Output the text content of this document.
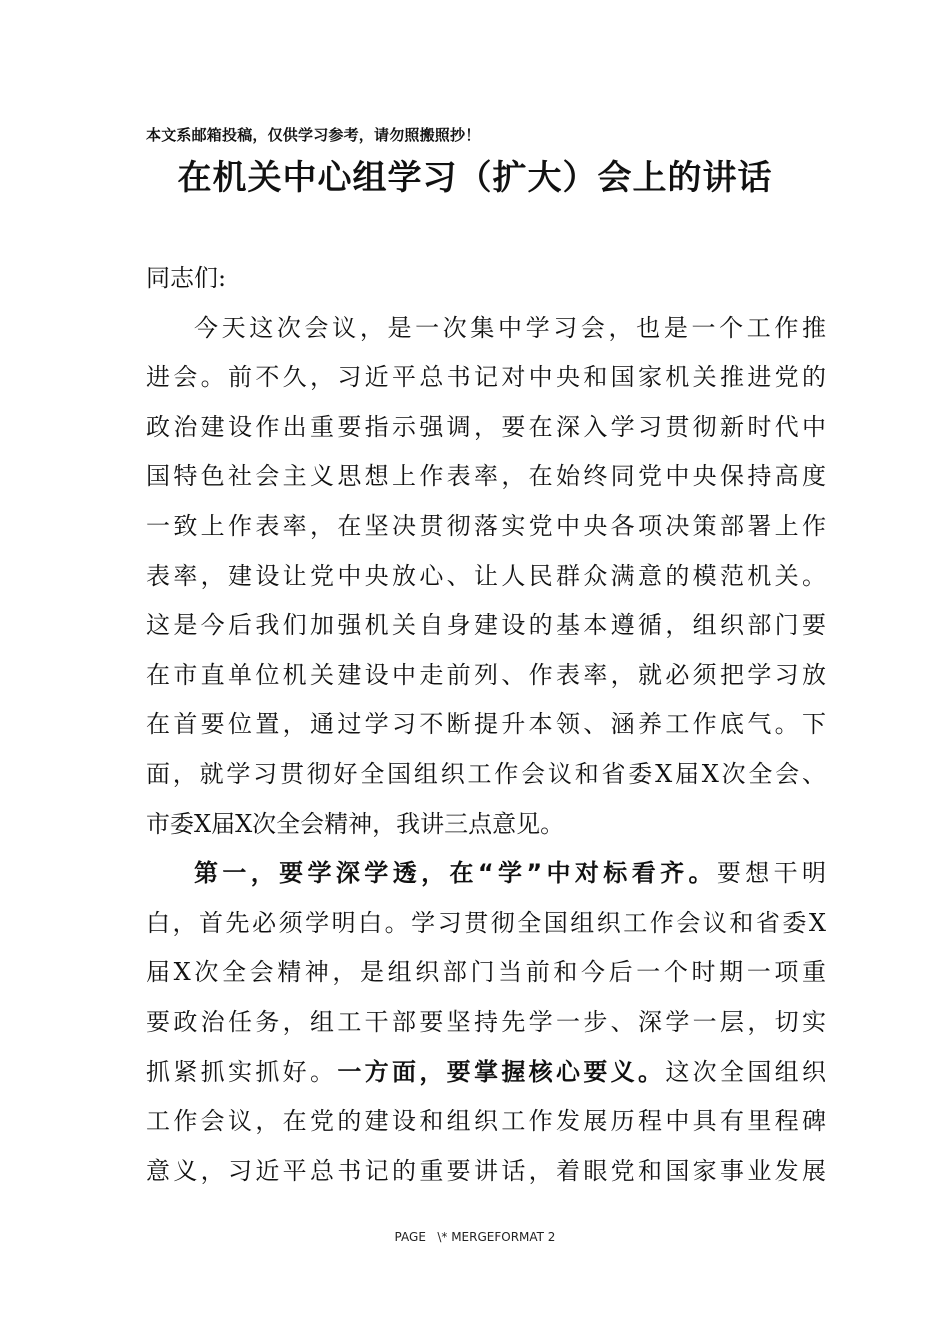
本文系邮箱投稿，仅供学习参考，请勿照搬照抄！
在机关中心组学习（扩大）会上的讲话
同志们:
今天这次会议，是一次集中学习会，也是一个工作推
进会。前不久，习近平总书记对中央和国家机关推进党的
政治建设作出重要指示强调，要在深入学习贯彻新时代中
国特色社会主义思想上作表率，在始终同党中央保持高度
一致上作表率，在坚决贯彻落实党中央各项决策部署上作
表率，建设让党中央放心、让人民群众满意的模范机关。
这是今后我们加强机关自身建设的基本遵循，组织部门要
在市直单位机关建设中走前列、作表率，就必须把学习放
在首要位置，通过学习不断提升本领、涵养工作底气。下
面，就学习贯彻好全国组织工作会议和省委X届X次全会、
市委X届X次全会精神，我讲三点意见。
第一，要学深学透，在“学”中对标看齐。要想干明
白，首先必须学明白。学习贯彻全国组织工作会议和省委X
届X次全会精神，是组织部门当前和今后一个时期一项重
要政治任务，组工干部要坚持先学一步、深学一层，切实
抓紧抓实抓好。一方面，要掌握核心要义。这次全国组织
工作会议，在党的建设和组织工作发展历程中具有里程碑
意义，习近平总书记的重要讲话，着眼党和国家事业发展
PAGE   \* MERGEFORMAT 2
